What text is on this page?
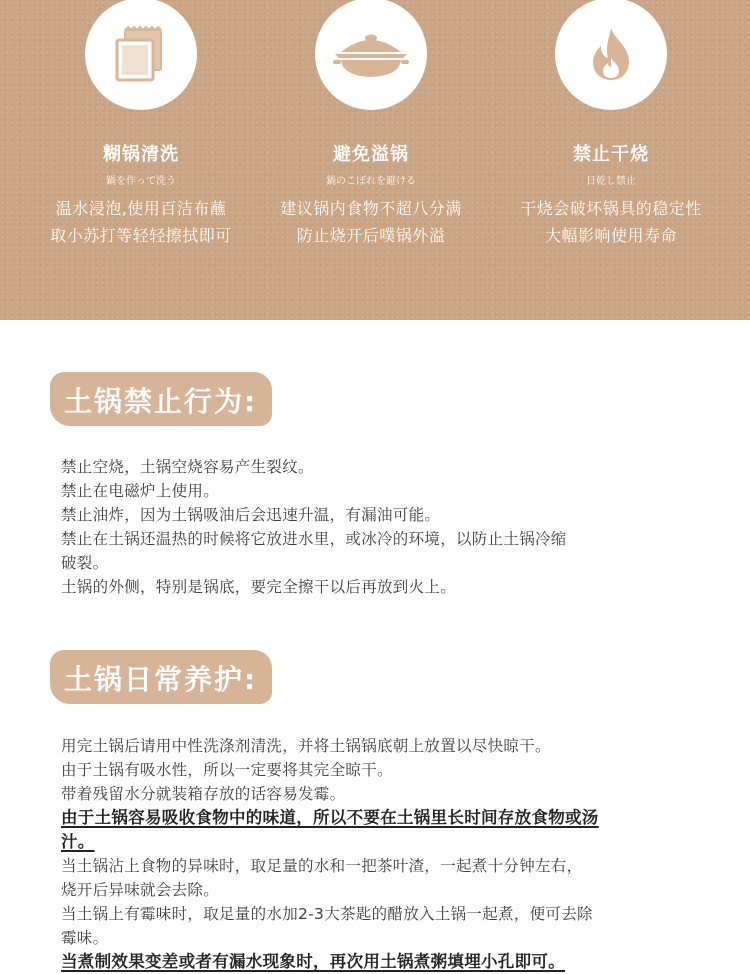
糊锅清洗
鍋を作って洗う
温水浸泡,使用百洁布蘸
取小苏打等轻轻擦拭即可
避免溢锅
鍋のこぼれを避ける
建议锅内食物不超八分满
防止烧开后噗锅外溢
禁止干烧
日乾し禁止
干烧会破坏锅具的稳定性
大幅影响使用寿命
土锅禁止行为:
禁止空烧，土锅空烧容易产生裂纹。
禁止在电磁炉上使用。
禁止油炸，因为土锅吸油后会迅速升温，有漏油可能。
禁止在土锅还温热的时候将它放进水里，或冰冷的环境，以防止土锅冷缩
破裂。
土锅的外侧，特别是锅底，要完全擦干以后再放到火上。
土锅日常养护:
用完土锅后请用中性洗涤剂清洗，并将土锅锅底朝上放置以尽快晾干。
由于土锅有吸水性，所以一定要将其完全晾干。
带着残留水分就装箱存放的话容易发霉。
由于土锅容易吸收食物中的味道，所以不要在土锅里长时间存放食物或汤
汁。
当土锅沾上食物的异味时，取足量的水和一把茶叶渣，一起煮十分钟左右，
烧开后异味就会去除。
当土锅上有霉味时，取足量的水加2-3大茶匙的醋放入土锅一起煮，便可去除
霉味。
当煮制效果变差或者有漏水现象时，再次用土锅煮粥填埋小孔即可。
